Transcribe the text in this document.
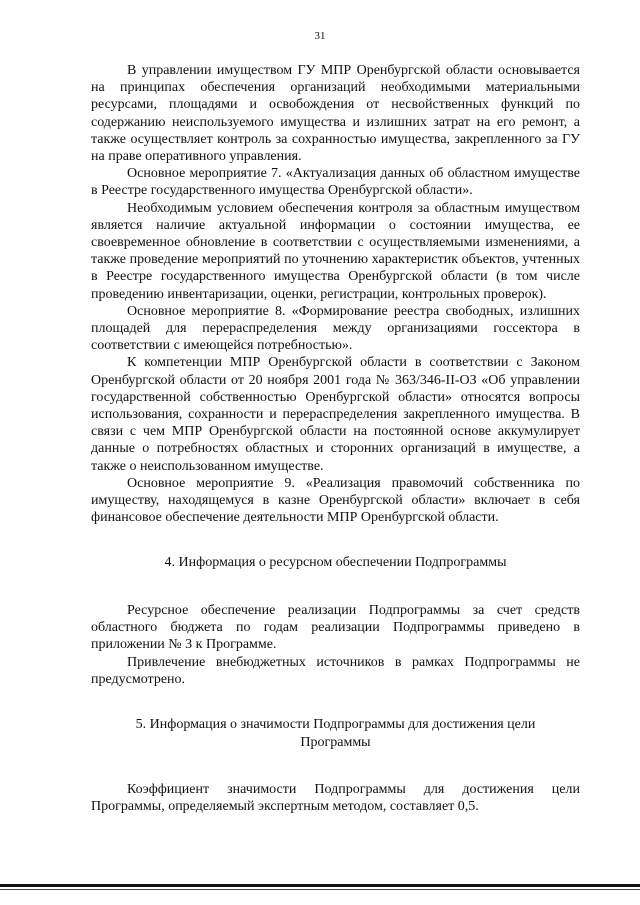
31

В управлении имуществом ГУ МПР Оренбургской области основывается на принципах обеспечения организаций необходимыми материальными ресурсами, площадями и освобождения от несвойственных функций по содержанию неиспользуемого имущества и излишних затрат на его ремонт, а также осуществляет контроль за сохранностью имущества, закрепленного за ГУ на праве оперативного управления.

Основное мероприятие 7. «Актуализация данных об областном имуществе в Реестре государственного имущества Оренбургской области».

Необходимым условием обеспечения контроля за областным имуществом является наличие актуальной информации о состоянии имущества, ее своевременное обновление в соответствии с осуществляемыми изменениями, а также проведение мероприятий по уточнению характеристик объектов, учтенных в Реестре государственного имущества Оренбургской области (в том числе проведению инвентаризации, оценки, регистрации, контрольных проверок).

Основное мероприятие 8. «Формирование реестра свободных, излишних площадей для перераспределения между организациями госсектора в соответствии с имеющейся потребностью».

К компетенции МПР Оренбургской области в соответствии с Законом Оренбургской области от 20 ноября 2001 года № 363/346-II-ОЗ «Об управлении государственной собственностью Оренбургской области» относятся вопросы использования, сохранности и перераспределения закрепленного имущества. В связи с чем МПР Оренбургской области на постоянной основе аккумулирует данные о потребностях областных и сторонних организаций в имуществе, а также о неиспользованном имуществе.

Основное мероприятие 9. «Реализация правомочий собственника по имуществу, находящемуся в казне Оренбургской области» включает в себя финансовое обеспечение деятельности МПР Оренбургской области.

4. Информация о ресурсном обеспечении Подпрограммы

Ресурсное обеспечение реализации Подпрограммы за счет средств областного бюджета по годам реализации Подпрограммы приведено в приложении № 3 к Программе.

Привлечение внебюджетных источников в рамках Подпрограммы не предусмотрено.

5. Информация о значимости Подпрограммы для достижения цели
Программы

Коэффициент значимости Подпрограммы для достижения цели Программы, определяемый экспертным методом, составляет 0,5.
